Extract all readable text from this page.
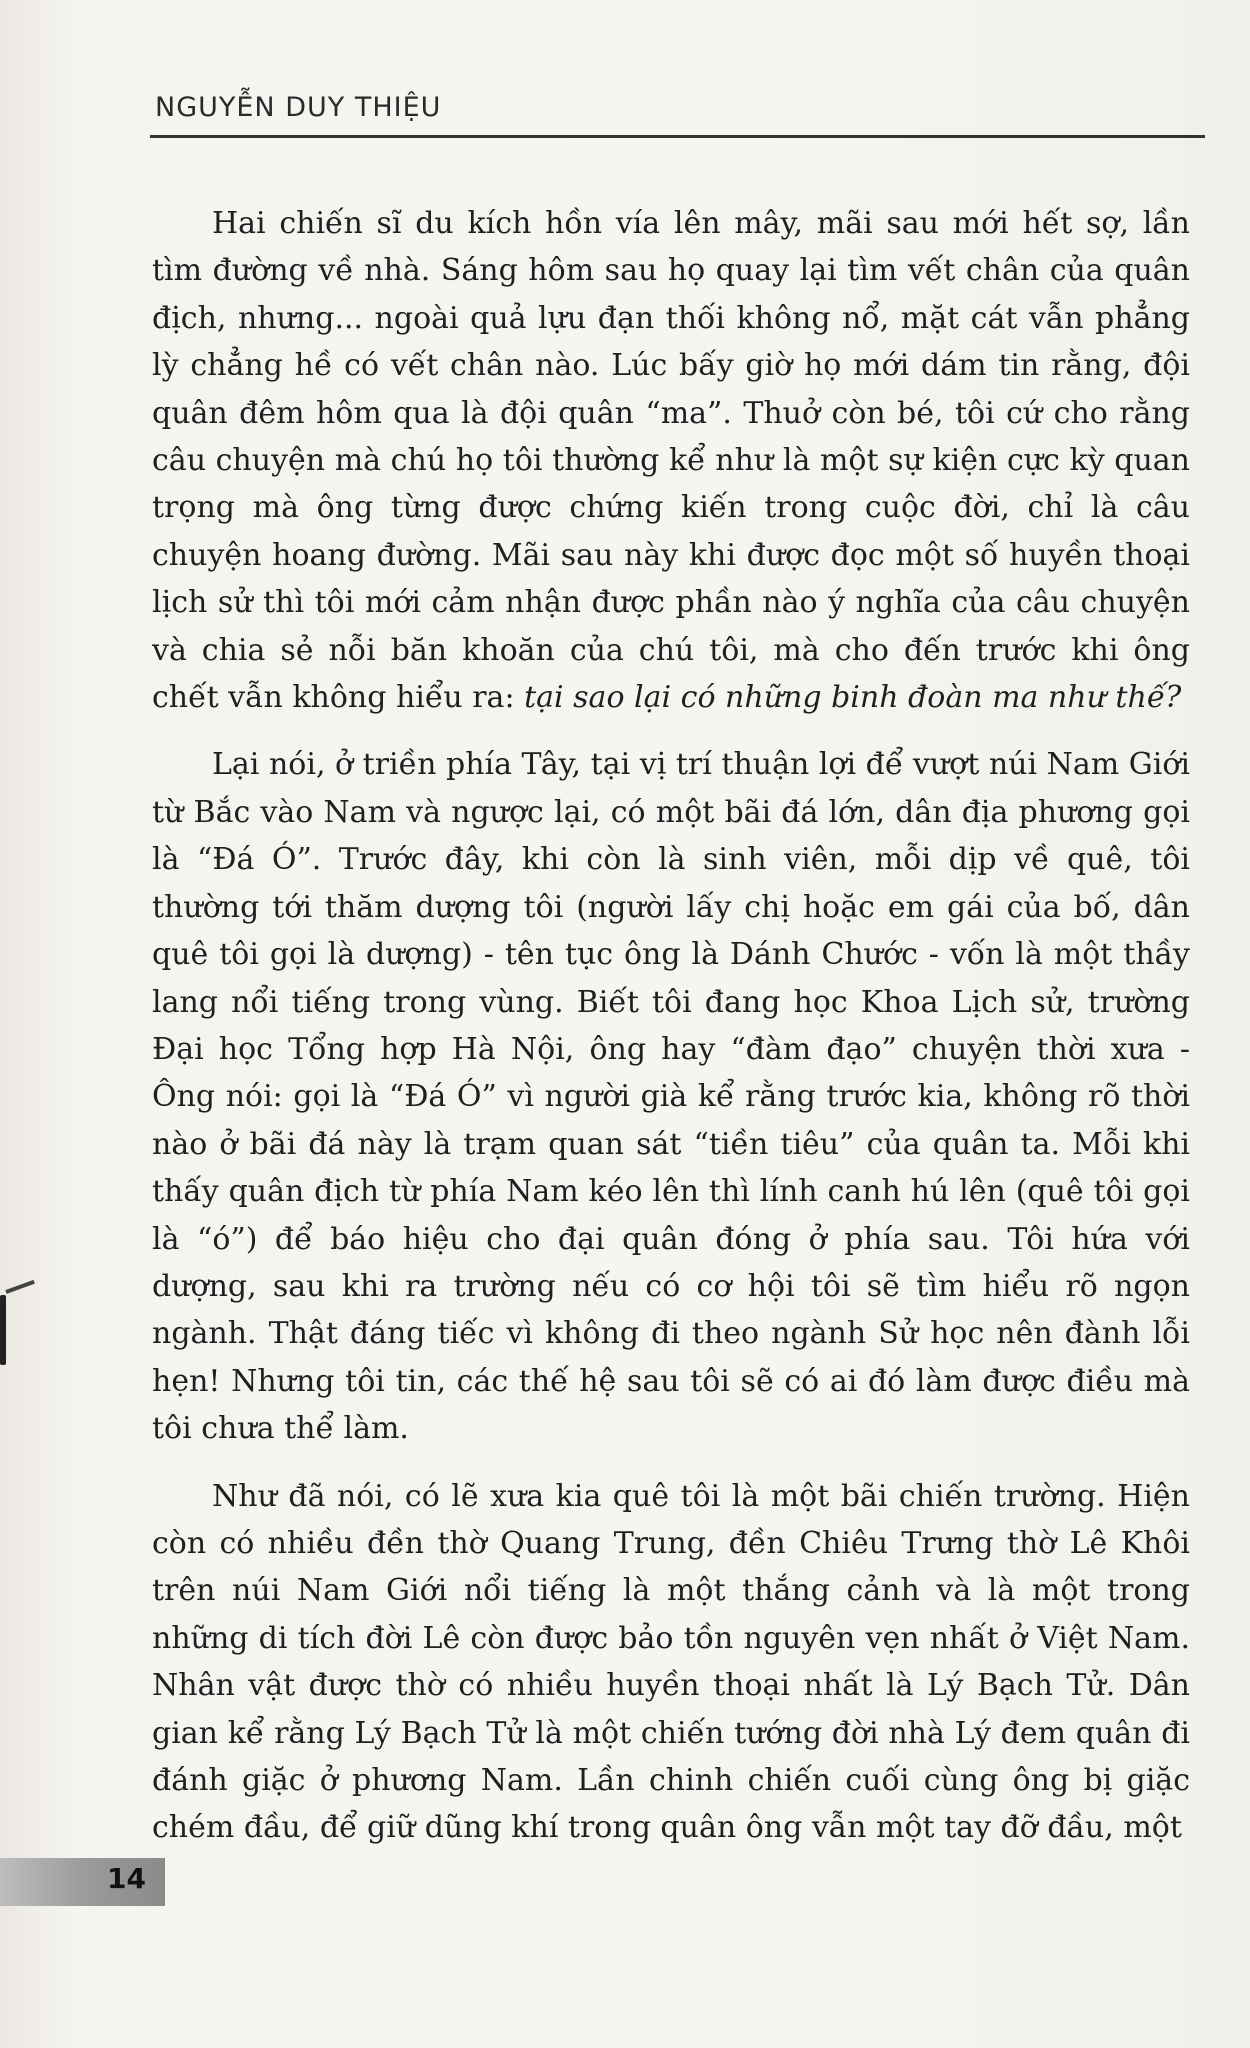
NGUYỄN DUY THIỆU

Hai chiến sĩ du kích hồn vía lên mây, mãi sau mới hết sợ, lần tìm đường về nhà. Sáng hôm sau họ quay lại tìm vết chân của quân địch, nhưng... ngoài quả lựu đạn thối không nổ, mặt cát vẫn phẳng lỳ chẳng hề có vết chân nào. Lúc bấy giờ họ mới dám tin rằng, đội quân đêm hôm qua là đội quân “ma”. Thuở còn bé, tôi cứ cho rằng câu chuyện mà chú họ tôi thường kể như là một sự kiện cực kỳ quan trọng mà ông từng được chứng kiến trong cuộc đời, chỉ là câu chuyện hoang đường. Mãi sau này khi được đọc một số huyền thoại lịch sử thì tôi mới cảm nhận được phần nào ý nghĩa của câu chuyện và chia sẻ nỗi băn khoăn của chú tôi, mà cho đến trước khi ông chết vẫn không hiểu ra: tại sao lại có những binh đoàn ma như thế?

Lại nói, ở triền phía Tây, tại vị trí thuận lợi để vượt núi Nam Giới từ Bắc vào Nam và ngược lại, có một bãi đá lớn, dân địa phương gọi là “Đá Ó”. Trước đây, khi còn là sinh viên, mỗi dịp về quê, tôi thường tới thăm dượng tôi (người lấy chị hoặc em gái của bố, dân quê tôi gọi là dượng) - tên tục ông là Dánh Chước - vốn là một thầy lang nổi tiếng trong vùng. Biết tôi đang học Khoa Lịch sử, trường Đại học Tổng hợp Hà Nội, ông hay “đàm đạo” chuyện thời xưa - Ông nói: gọi là “Đá Ó” vì người già kể rằng trước kia, không rõ thời nào ở bãi đá này là trạm quan sát “tiền tiêu” của quân ta. Mỗi khi thấy quân địch từ phía Nam kéo lên thì lính canh hú lên (quê tôi gọi là “ó”) để báo hiệu cho đại quân đóng ở phía sau. Tôi hứa với dượng, sau khi ra trường nếu có cơ hội tôi sẽ tìm hiểu rõ ngọn ngành. Thật đáng tiếc vì không đi theo ngành Sử học nên đành lỗi hẹn! Nhưng tôi tin, các thế hệ sau tôi sẽ có ai đó làm được điều mà tôi chưa thể làm.

Như đã nói, có lẽ xưa kia quê tôi là một bãi chiến trường. Hiện còn có nhiều đền thờ Quang Trung, đền Chiêu Trưng thờ Lê Khôi trên núi Nam Giới nổi tiếng là một thắng cảnh và là một trong những di tích đời Lê còn được bảo tồn nguyên vẹn nhất ở Việt Nam. Nhân vật được thờ có nhiều huyền thoại nhất là Lý Bạch Tử. Dân gian kể rằng Lý Bạch Tử là một chiến tướng đời nhà Lý đem quân đi đánh giặc ở phương Nam. Lần chinh chiến cuối cùng ông bị giặc chém đầu, để giữ dũng khí trong quân ông vẫn một tay đỡ đầu, một

14
